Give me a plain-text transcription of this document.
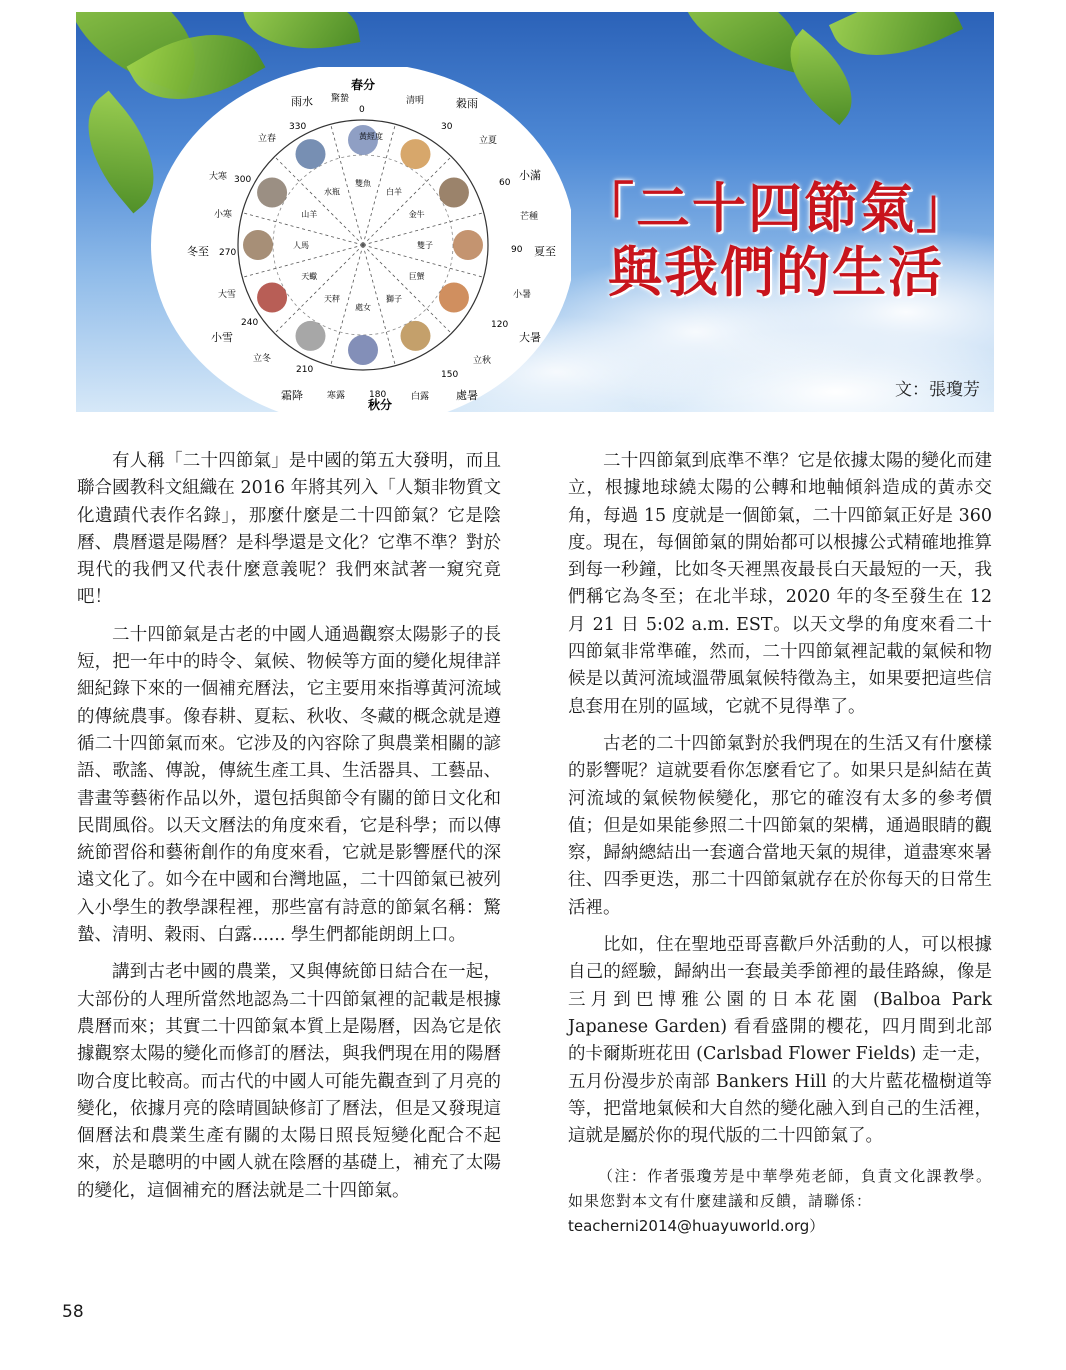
雙魚
白羊
金牛
雙子
巨蟹
獅子
處女
天秤
天蠍
人馬
山羊
水瓶
春分
秋分
黃經度
雨水 驚蟄	清明	穀雨
立春	立夏
大寒	小滿
小寒	芒種
冬至	夏至
大雪	小暑
小雪	大暑
立冬	立秋
霜降	寒露	白露 處暑
0
30
60
90
120
150
180
210
240
270
300
330
「二十四節氣」
與我們的生活
文：張瓊芳

有人稱「二十四節氣」是中國的第五大發明，而且聯合國教科文組織在 2016 年將其列入「人類非物質文化遺蹟代表作名錄」，那麼什麼是二十四節氣？它是陰曆、農曆還是陽曆？是科學還是文化？它準不準？對於現代的我們又代表什麼意義呢？我們來試著一窺究竟吧！

二十四節氣是古老的中國人通過觀察太陽影子的長短，把一年中的時令、氣候、物候等方面的變化規律詳細紀錄下來的一個補充曆法，它主要用來指導黃河流域的傳統農事。像春耕、夏耘、秋收、冬藏的概念就是遵循二十四節氣而來。它涉及的內容除了與農業相關的諺語、歌謠、傳說，傳統生產工具、生活器具、工藝品、書畫等藝術作品以外，還包括與節令有關的節日文化和民間風俗。以天文曆法的角度來看，它是科學；而以傳統節習俗和藝術創作的角度來看，它就是影響歷代的深遠文化了。如今在中國和台灣地區，二十四節氣已被列入小學生的教學課程裡，那些富有詩意的節氣名稱：驚蟄、清明、穀雨、白露...... 學生們都能朗朗上口。

講到古老中國的農業，又與傳統節日結合在一起，大部份的人理所當然地認為二十四節氣裡的記載是根據農曆而來；其實二十四節氣本質上是陽曆，因為它是依據觀察太陽的變化而修訂的曆法，與我們現在用的陽曆吻合度比較高。而古代的中國人可能先觀查到了月亮的變化，依據月亮的陰晴圓缺修訂了曆法，但是又發現這個曆法和農業生產有關的太陽日照長短變化配合不起來，於是聰明的中國人就在陰曆的基礎上，補充了太陽的變化，這個補充的曆法就是二十四節氣。

二十四節氣到底準不準？它是依據太陽的變化而建立，根據地球繞太陽的公轉和地軸傾斜造成的黃赤交角，每過 15 度就是一個節氣，二十四節氣正好是 360 度。現在，每個節氣的開始都可以根據公式精確地推算到每一秒鐘，比如冬天裡黑夜最長白天最短的一天，我們稱它為冬至；在北半球，2020 年的冬至發生在 12 月 21 日 5:02 a.m. EST。以天文學的角度來看二十四節氣非常準確，然而，二十四節氣裡記載的氣候和物候是以黃河流域溫帶風氣候特徵為主，如果要把這些信息套用在別的區域，它就不見得準了。

古老的二十四節氣對於我們現在的生活又有什麼樣的影響呢？這就要看你怎麼看它了。如果只是糾結在黃河流域的氣候物候變化，那它的確沒有太多的參考價值；但是如果能參照二十四節氣的架構，通過眼睛的觀察，歸納總結出一套適合當地天氣的規律，道盡寒來暑往、四季更迭，那二十四節氣就存在於你每天的日常生活裡。

比如，住在聖地亞哥喜歡戶外活動的人，可以根據自己的經驗，歸納出一套最美季節裡的最佳路線，像是三月到巴博雅公園的日本花園 (Balboa Park Japanese Garden) 看看盛開的櫻花，四月間到北部的卡爾斯班花田 (Carlsbad Flower Fields) 走一走，五月份漫步於南部 Bankers Hill 的大片藍花楹樹道等等，把當地氣候和大自然的變化融入到自己的生活裡，這就是屬於你的現代版的二十四節氣了。

（注：作者張瓊芳是中華學苑老師，負責文化課教學。如果您對本文有什麼建議和反饋，請聯係：
teacherni2014@huayuworld.org）
58
